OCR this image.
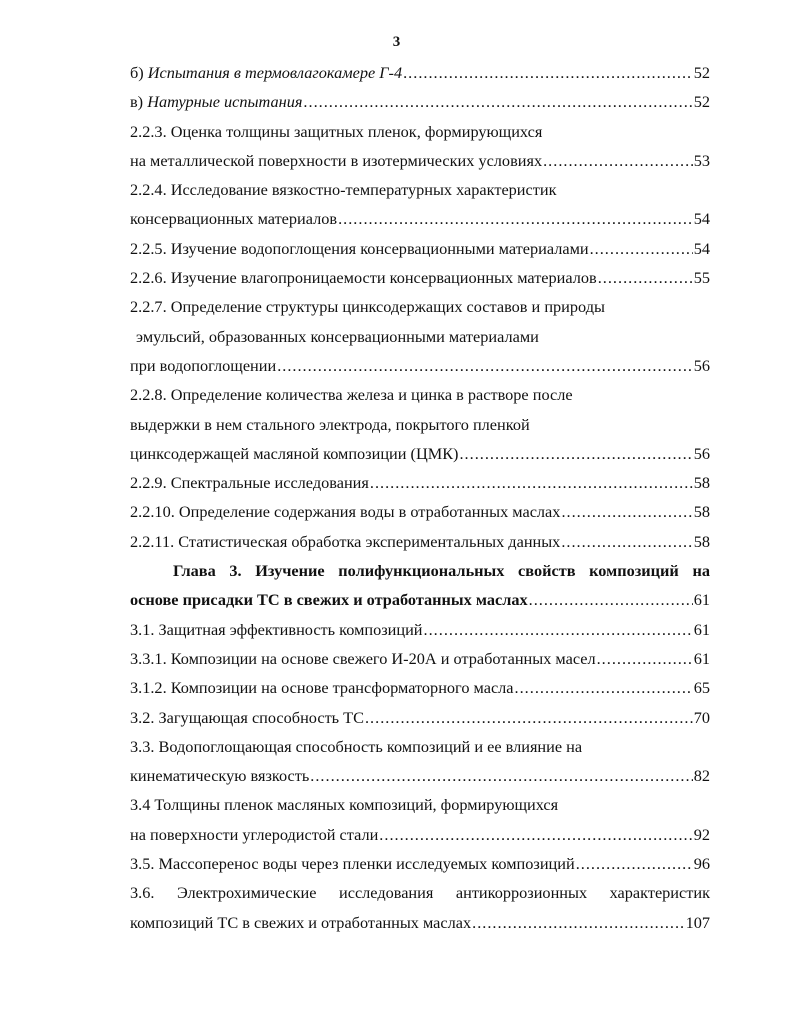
3
б) Испытания в термовлагокамере Г-4 .....	52
в) Натурные испытания .....	52
2.2.3. Оценка толщины защитных пленок, формирующихся
на металлической поверхности в изотермических условиях .....	53
2.2.4. Исследование вязкостно-температурных характеристик
консервационных материалов .....	54
2.2.5. Изучение водопоглощения консервационными материалами .....	54
2.2.6. Изучение влагопроницаемости консервационных материалов .....	55
2.2.7. Определение структуры цинксодержащих составов и природы
эмульсий, образованных консервационными материалами
при водопоглощении .....	56
2.2.8. Определение количества железа и цинка в растворе после
выдержки в нем стального электрода, покрытого пленкой
цинксодержащей масляной композиции (ЦМК) .....	56
2.2.9. Спектральные исследования .....	58
2.2.10. Определение содержания воды в отработанных маслах .....	58
2.2.11. Статистическая обработка экспериментальных данных .....	58
Глава 3. Изучение полифункциональных свойств композиций на
основе присадки ТС в свежих и отработанных маслах .....	61
3.1. Защитная эффективность композиций .....	61
3.3.1. Композиции на основе свежего И-20А и отработанных масел .....	61
3.1.2. Композиции на основе трансформаторного масла .....	65
3.2. Загущающая способность ТС .....	70
3.3. Водопоглощающая способность композиций и ее влияние на
кинематическую вязкость .....	82
3.4 Толщины пленок масляных композиций, формирующихся
на поверхности углеродистой стали .....	92
3.5. Массоперенос воды через пленки исследуемых композиций .....	96
3.6. Электрохимические исследования антикоррозионных характеристик
композиций ТС в свежих и отработанных маслах .....	107
